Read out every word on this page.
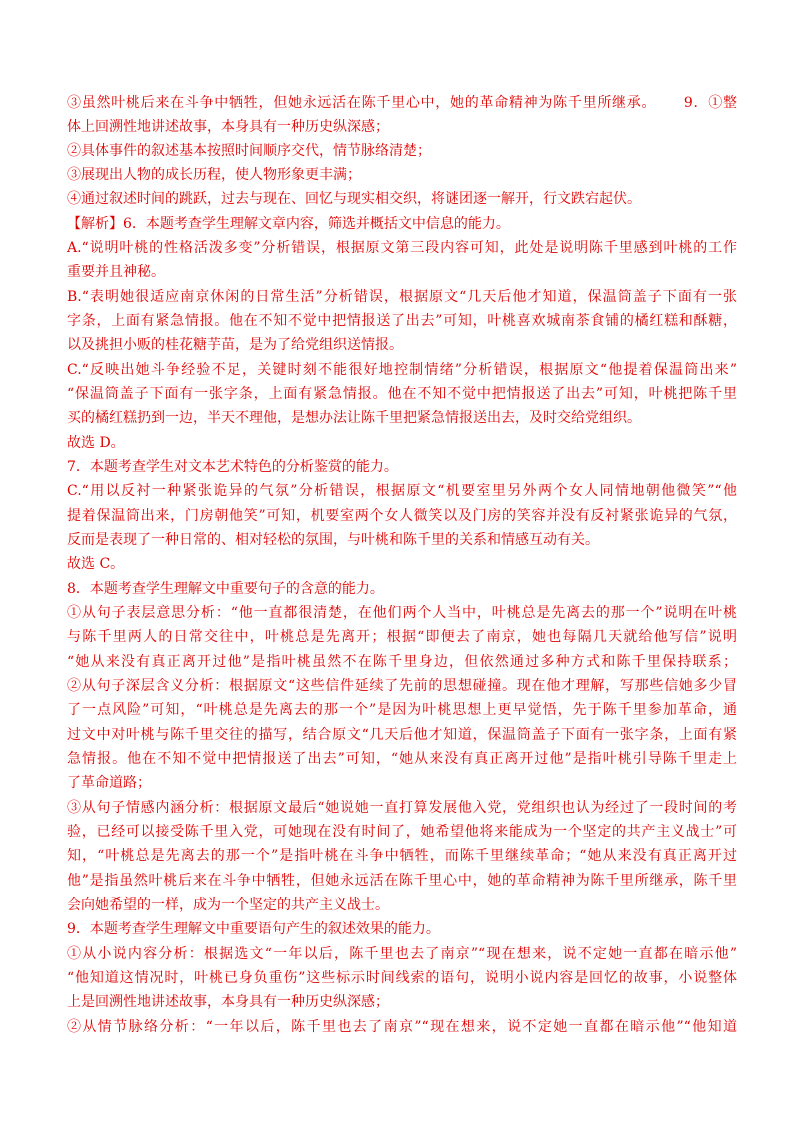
③虽然叶桃后来在斗争中牺牲，但她永远活在陈千里心中，她的革命精神为陈千里所继承。　　 9．①整
体上回溯性地讲述故事，本身具有一种历史纵深感；
②具体事件的叙述基本按照时间顺序交代，情节脉络清楚；
③展现出人物的成长历程，使人物形象更丰满；
④通过叙述时间的跳跃，过去与现在、回忆与现实相交织，将谜团逐一解开，行文跌宕起伏。
【解析】6．本题考查学生理解文章内容，筛选并概括文中信息的能力。
A.“说明叶桃的性格活泼多变”分析错误，根据原文第三段内容可知，此处是说明陈千里感到叶桃的工作
重要并且神秘。
B.“表明她很适应南京休闲的日常生活”分析错误，根据原文“几天后他才知道，保温筒盖子下面有一张
字条，上面有紧急情报。他在不知不觉中把情报送了出去”可知，叶桃喜欢城南茶食铺的橘红糕和酥糖，
以及挑担小贩的桂花糖芋苗，是为了给党组织送情报。
C.“反映出她斗争经验不足，关键时刻不能很好地控制情绪”分析错误，根据原文“他提着保温筒出来”
“保温筒盖子下面有一张字条，上面有紧急情报。他在不知不觉中把情报送了出去”可知，叶桃把陈千里
买的橘红糕扔到一边，半天不理他，是想办法让陈千里把紧急情报送出去，及时交给党组织。
故选 D。
7．本题考查学生对文本艺术特色的分析鉴赏的能力。
C.“用以反衬一种紧张诡异的气氛”分析错误，根据原文“机要室里另外两个女人同情地朝他微笑”“他
提着保温筒出来，门房朝他笑”可知，机要室两个女人微笑以及门房的笑容并没有反衬紧张诡异的气氛，
反而是表现了一种日常的、相对轻松的氛围，与叶桃和陈千里的关系和情感互动有关。
故选 C。
8．本题考查学生理解文中重要句子的含意的能力。
①从句子表层意思分析：“他一直都很清楚，在他们两个人当中，叶桃总是先离去的那一个”说明在叶桃
与陈千里两人的日常交往中，叶桃总是先离开；根据“即便去了南京，她也每隔几天就给他写信”说明
“她从来没有真正离开过他”是指叶桃虽然不在陈千里身边，但依然通过多种方式和陈千里保持联系；
②从句子深层含义分析：根据原文“这些信件延续了先前的思想碰撞。现在他才理解，写那些信她多少冒
了一点风险”可知，“叶桃总是先离去的那一个”是因为叶桃思想上更早觉悟，先于陈千里参加革命，通
过文中对叶桃与陈千里交往的描写，结合原文“几天后他才知道，保温筒盖子下面有一张字条，上面有紧
急情报。他在不知不觉中把情报送了出去”可知，“她从来没有真正离开过他”是指叶桃引导陈千里走上
了革命道路；
③从句子情感内涵分析：根据原文最后“她说她一直打算发展他入党，党组织也认为经过了一段时间的考
验，已经可以接受陈千里入党，可她现在没有时间了，她希望他将来能成为一个坚定的共产主义战士”可
知，“叶桃总是先离去的那一个”是指叶桃在斗争中牺牲，而陈千里继续革命；“她从来没有真正离开过
他”是指虽然叶桃后来在斗争中牺牲，但她永远活在陈千里心中，她的革命精神为陈千里所继承，陈千里
会向她希望的一样，成为一个坚定的共产主义战士。
9．本题考查学生理解文中重要语句产生的叙述效果的能力。
①从小说内容分析：根据选文“一年以后，陈千里也去了南京”“现在想来，说不定她一直都在暗示他”
“他知道这情况时，叶桃已身负重伤”这些标示时间线索的语句，说明小说内容是回忆的故事，小说整体
上是回溯性地讲述故事，本身具有一种历史纵深感；
②从情节脉络分析：“一年以后，陈千里也去了南京”“现在想来，说不定她一直都在暗示他”“他知道
